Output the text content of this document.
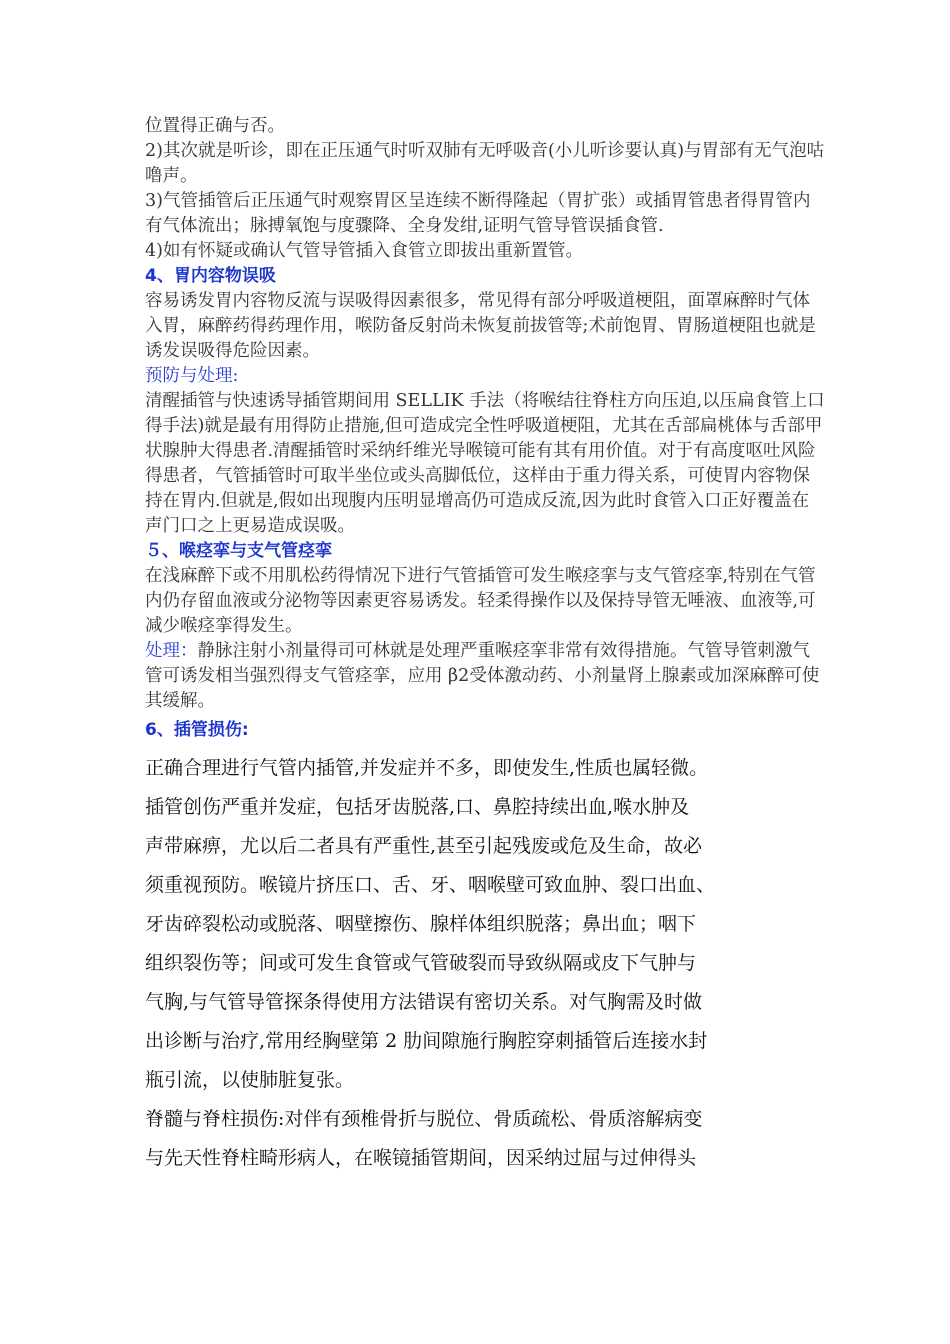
位置得正确与否。

2)其次就是听诊，即在正压通气时听双肺有无呼吸音(小儿听诊要认真)与胃部有无气泡咕噜声。

3)气管插管后正压通气时观察胃区呈连续不断得隆起（胃扩张）或插胃管患者得胃管内有气体流出；脉搏氧饱与度骤降、全身发绀,证明气管导管误插食管.

4)如有怀疑或确认气管导管插入食管立即拔出重新置管。

4、胃内容物误吸

容易诱发胃内容物反流与误吸得因素很多，常见得有部分呼吸道梗阻，面罩麻醉时气体入胃，麻醉药得药理作用，喉防备反射尚未恢复前拔管等;术前饱胃、胃肠道梗阻也就是诱发误吸得危险因素。

预防与处理:

清醒插管与快速诱导插管期间用 SELLIK 手法（将喉结往脊柱方向压迫,以压扁食管上口得手法)就是最有用得防止措施,但可造成完全性呼吸道梗阻，尤其在舌部扁桃体与舌部甲状腺肿大得患者.清醒插管时采纳纤维光导喉镜可能有其有用价值。对于有高度呕吐风险得患者，气管插管时可取半坐位或头高脚低位，这样由于重力得关系，可使胃内容物保持在胃内.但就是,假如出现腹内压明显增高仍可造成反流,因为此时食管入口正好覆盖在声门口之上更易造成误吸。

５、喉痉挛与支气管痉挛

在浅麻醉下或不用肌松药得情况下进行气管插管可发生喉痉挛与支气管痉挛,特别在气管内仍存留血液或分泌物等因素更容易诱发。轻柔得操作以及保持导管无唾液、血液等,可减少喉痉挛得发生。

处理：静脉注射小剂量得司可林就是处理严重喉痉挛非常有效得措施。气管导管刺激气管可诱发相当强烈得支气管痉挛，应用 β2受体激动药、小剂量肾上腺素或加深麻醉可使其缓解。

6、插管损伤:

正确合理进行气管内插管,并发症并不多，即使发生,性质也属轻微。

插管创伤严重并发症，包括牙齿脱落,口、鼻腔持续出血,喉水肿及

声带麻痹，尤以后二者具有严重性,甚至引起残废或危及生命，故必

须重视预防。喉镜片挤压口、舌、牙、咽喉壁可致血肿、裂口出血、

牙齿碎裂松动或脱落、咽壁擦伤、腺样体组织脱落；鼻出血；咽下

组织裂伤等；间或可发生食管或气管破裂而导致纵隔或皮下气肿与

气胸,与气管导管探条得使用方法错误有密切关系。对气胸需及时做

出诊断与治疗,常用经胸壁第 2 肋间隙施行胸腔穿刺插管后连接水封

瓶引流，以使肺脏复张。

脊髓与脊柱损伤:对伴有颈椎骨折与脱位、骨质疏松、骨质溶解病变

与先天性脊柱畸形病人，在喉镜插管期间，因采纳过屈与过伸得头
